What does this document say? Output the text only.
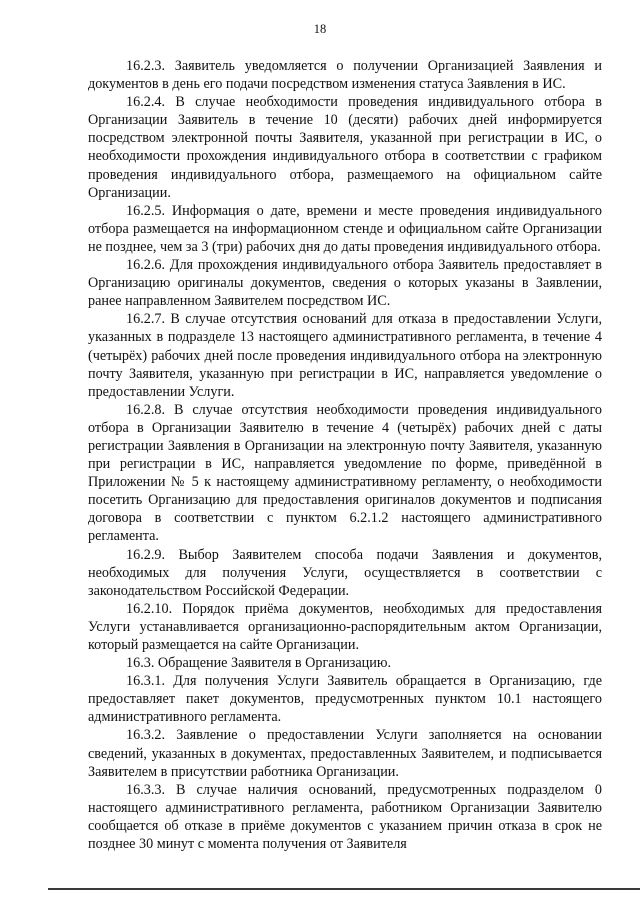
18

16.2.3. Заявитель уведомляется о получении Организацией Заявления и документов в день его подачи посредством изменения статуса Заявления в ИС.

16.2.4. В случае необходимости проведения индивидуального отбора в Организации Заявитель в течение 10 (десяти) рабочих дней информируется посредством электронной почты Заявителя, указанной при регистрации в ИС, о необходимости прохождения индивидуального отбора в соответствии с графиком проведения индивидуального отбора, размещаемого на официальном сайте Организации.

16.2.5. Информация о дате, времени и месте проведения индивидуального отбора размещается на информационном стенде и официальном сайте Организации не позднее, чем за 3 (три) рабочих дня до даты проведения индивидуального отбора.

16.2.6. Для прохождения индивидуального отбора Заявитель предоставляет в Организацию оригиналы документов, сведения о которых указаны в Заявлении, ранее направленном Заявителем посредством ИС.

16.2.7. В случае отсутствия оснований для отказа в предоставлении Услуги, указанных в подразделе 13 настоящего административного регламента, в течение 4 (четырёх) рабочих дней после проведения индивидуального отбора на электронную почту Заявителя, указанную при регистрации в ИС, направляется уведомление о предоставлении Услуги.

16.2.8. В случае отсутствия необходимости проведения индивидуального отбора в Организации Заявителю в течение 4 (четырёх) рабочих дней с даты регистрации Заявления в Организации на электронную почту Заявителя, указанную при регистрации в ИС, направляется уведомление по форме, приведённой в Приложении № 5 к настоящему административному регламенту, о необходимости посетить Организацию для предоставления оригиналов документов и подписания договора в соответствии с пунктом 6.2.1.2 настоящего административного регламента.

16.2.9. Выбор Заявителем способа подачи Заявления и документов, необходимых для получения Услуги, осуществляется в соответствии с законодательством Российской Федерации.

16.2.10. Порядок приёма документов, необходимых для предоставления Услуги устанавливается организационно-распорядительным актом Организации, который размещается на сайте Организации.

16.3. Обращение Заявителя в Организацию.

16.3.1. Для получения Услуги Заявитель обращается в Организацию, где предоставляет пакет документов, предусмотренных пунктом 10.1 настоящего административного регламента.

16.3.2. Заявление о предоставлении Услуги заполняется на основании сведений, указанных в документах, предоставленных Заявителем, и подписывается Заявителем в присутствии работника Организации.

16.3.3. В случае наличия оснований, предусмотренных подразделом 0 настоящего административного регламента, работником Организации Заявителю сообщается об отказе в приёме документов с указанием причин отказа в срок не позднее 30 минут с момента получения от Заявителя
